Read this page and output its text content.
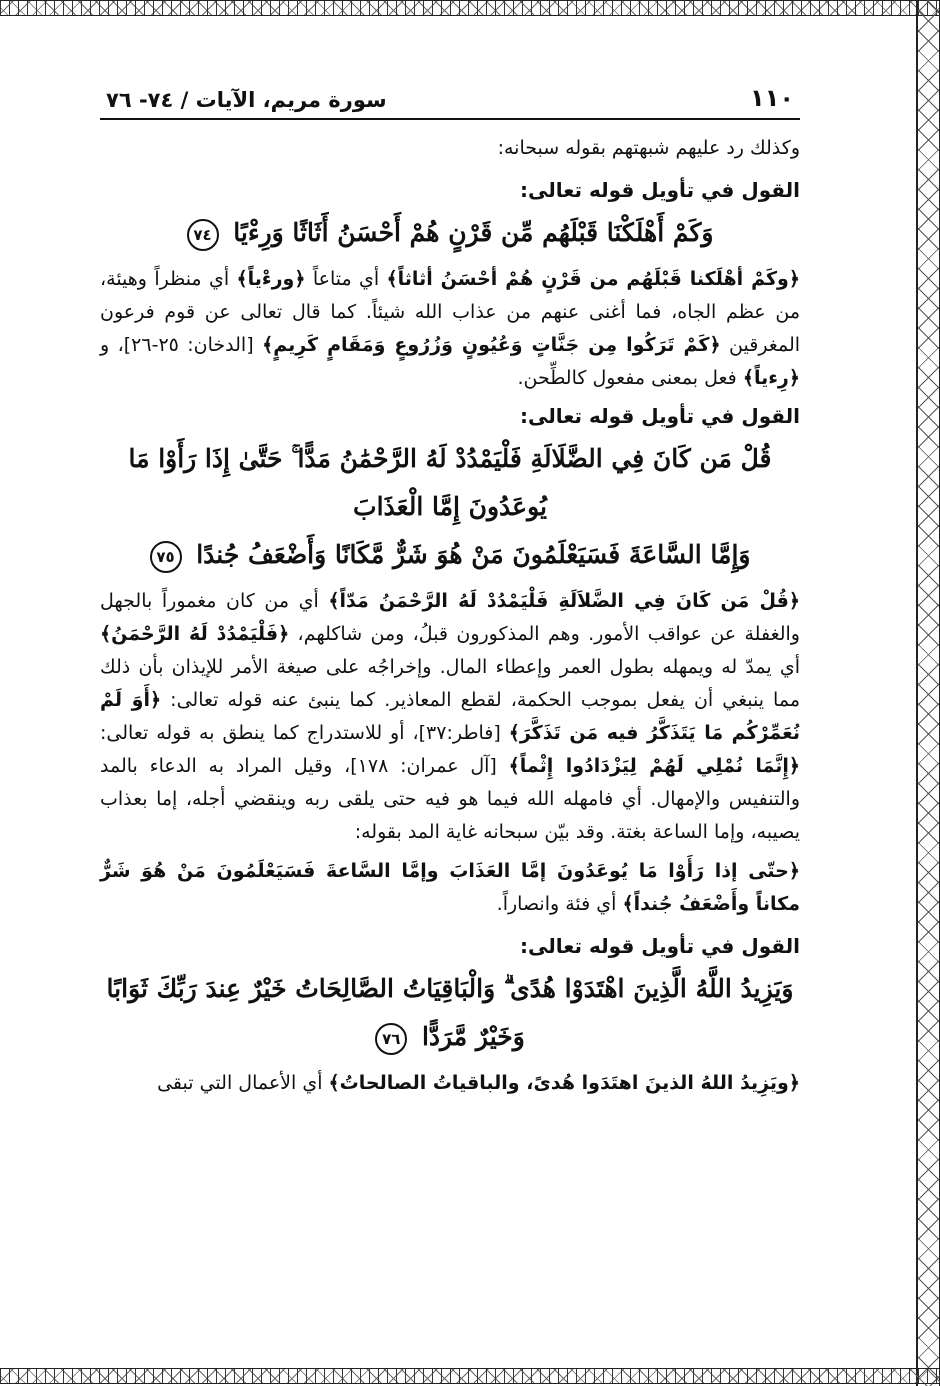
١١٠
سورة مريم، الآيات / ٧٤- ٧٦

وكذلك رد عليهم شبهتهم بقوله سبحانه:

القول في تأويل قوله تعالى:
وَكَمْ أَهْلَكْنَا قَبْلَهُم مِّن قَرْنٍ هُمْ أَحْسَنُ أَثَاثًا وَرِءْيًا ٧٤

﴿وكَمْ أهْلَكنا قَبْلَهُم من قَرْنٍ هُمْ أحْسَنُ أثاثاً﴾ أي متاعاً ﴿ورءْياً﴾ أي منظراً وهيئة، من عظم الجاه، فما أغنى عنهم من عذاب الله شيئاً. كما قال تعالى عن قوم فرعون المغرقين ﴿كَمْ تَرَكُوا مِن جَنَّاتٍ وَعُيُونٍ وَزُرُوعٍ وَمَقَامٍ كَرِيمٍ﴾ [الدخان: ٢٥-٢٦]، و ﴿رِءياً﴾ فعل بمعنى مفعول كالطِّحن.

القول في تأويل قوله تعالى:
قُلْ مَن كَانَ فِي الضَّلَالَةِ فَلْيَمْدُدْ لَهُ الرَّحْمَٰنُ مَدًّا ۚ حَتَّىٰ إِذَا رَأَوْا مَا يُوعَدُونَ إِمَّا الْعَذَابَ
وَإِمَّا السَّاعَةَ فَسَيَعْلَمُونَ مَنْ هُوَ شَرٌّ مَّكَانًا وَأَضْعَفُ جُندًا ٧٥

﴿قُلْ مَن كَانَ فِي الضَّلاَلَةِ فَلْيَمْدُدْ لَهُ الرَّحْمَنُ مَدّاً﴾ أي من كان مغموراً بالجهل والغفلة عن عواقب الأمور. وهم المذكورون قبلُ، ومن شاكلهم، ﴿فَلْيَمْدُدْ لَهُ الرَّحْمَنُ﴾ أي يمدّ له ويمهله بطول العمر وإعطاء المال. وإخراجُه على صيغة الأمر للإيذان بأن ذلك مما ينبغي أن يفعل بموجب الحكمة، لقطع المعاذير. كما ينبئ عنه قوله تعالى: ﴿أَوَ لَمْ نُعَمِّرْكُم مَا يَتَذَكَّرُ فيه مَن تَذَكَّرَ﴾ [فاطر:٣٧]، أو للاستدراج كما ينطق به قوله تعالى: ﴿إِنَّمَا نُمْلِي لَهُمْ لِيَزْدَادُوا إِثْماً﴾ [آل عمران: ١٧٨]، وقيل المراد به الدعاء بالمد والتنفيس والإمهال. أي فامهله الله فيما هو فيه حتى يلقى ربه وينقضي أجله، إما بعذاب يصيبه، وإما الساعة بغتة. وقد بيّن سبحانه غاية المد بقوله:

﴿حتّى إذا رَأَوْا مَا يُوعَدُونَ إمَّا العَذَابَ وإمَّا السَّاعةَ فَسَيَعْلَمُونَ مَنْ هُوَ شَرٌّ مكاناً وأَضْعَفُ جُنداً﴾ أي فئة وانصاراً.

القول في تأويل قوله تعالى:
وَيَزِيدُ اللَّهُ الَّذِينَ اهْتَدَوْا هُدًى ۗ وَالْبَاقِيَاتُ الصَّالِحَاتُ خَيْرٌ عِندَ رَبِّكَ ثَوَابًا
وَخَيْرٌ مَّرَدًّا ٧٦

﴿ويَزِيدُ اللهُ الذينَ اهتَدَوا هُدىً، والباقياتُ الصالحاتُ﴾ أي الأعمال التي تبقى
